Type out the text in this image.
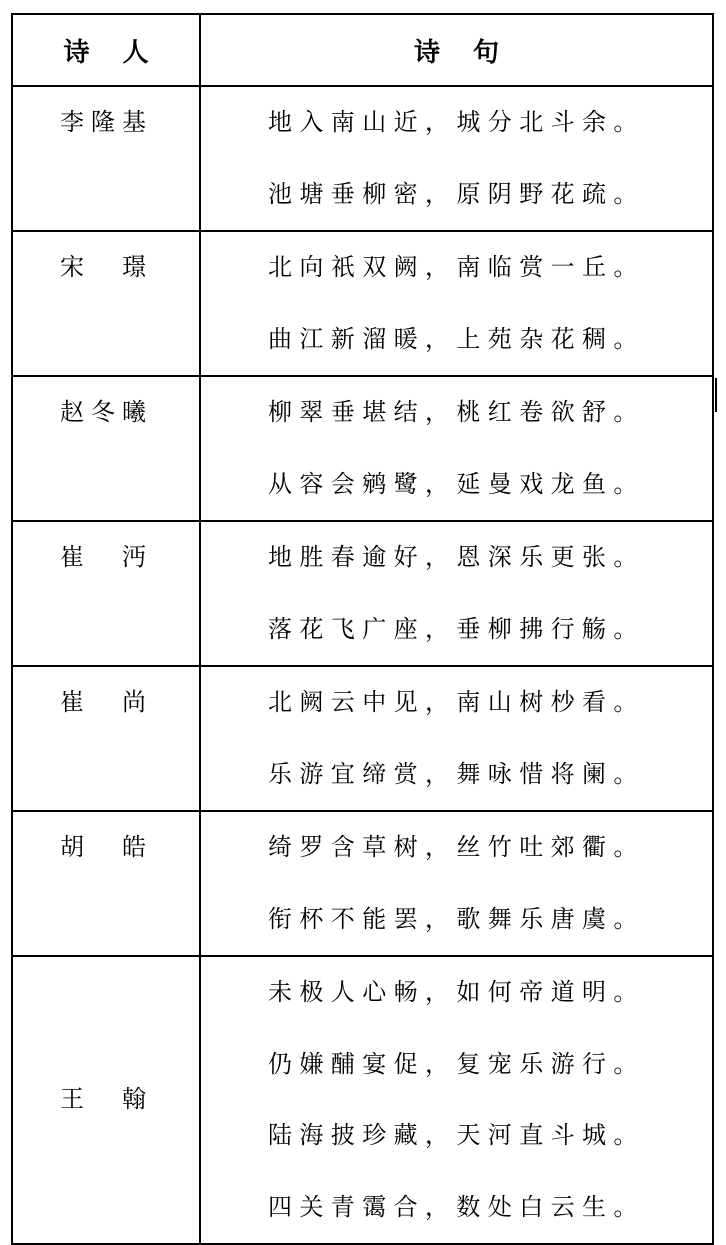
诗 人	诗 句

李隆基	地入南山近，城分北斗余。
池塘垂柳密，原阴野花疏。

宋　璟	北向祇双阙，南临赏一丘。
曲江新溜暖，上苑杂花稠。

赵冬曦	柳翠垂堪结，桃红卷欲舒。
从容会鹓鹭，延曼戏龙鱼。

崔　沔	地胜春逾好，恩深乐更张。
落花飞广座，垂柳拂行觞。

崔　尚	北阙云中见，南山树杪看。
乐游宜缔赏，舞咏惜将阑。

胡　皓	绮罗含草树，丝竹吐郊衢。
衔杯不能罢，歌舞乐唐虞。

王　翰	未极人心畅，如何帝道明。
仍嫌酺宴促，复宠乐游行。
陆海披珍藏，天河直斗城。
四关青霭合，数处白云生。
